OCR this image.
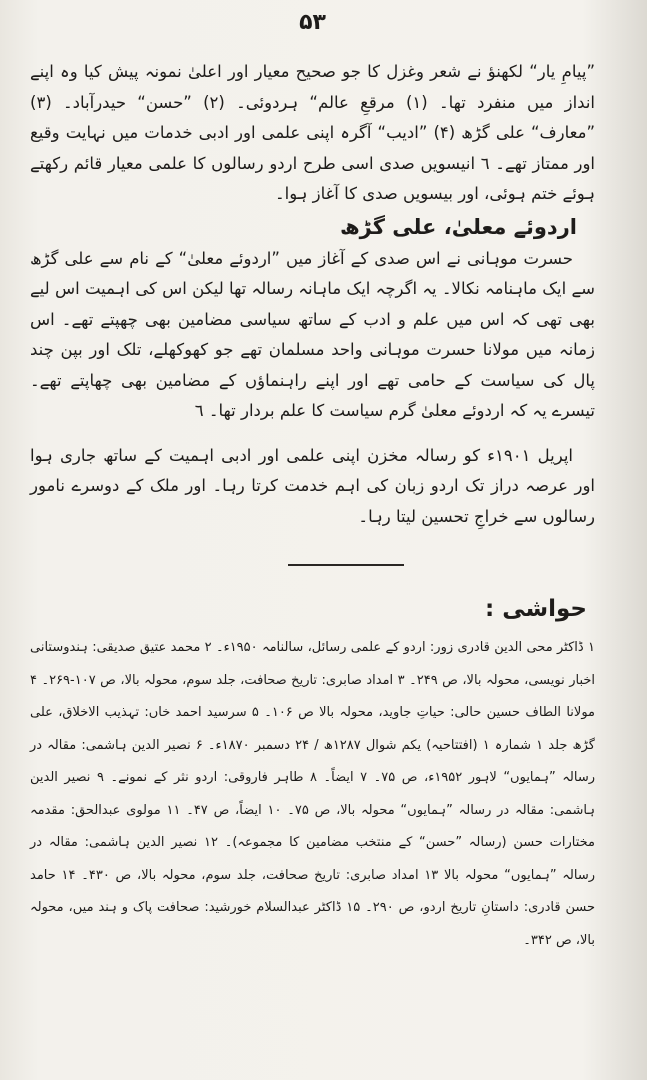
۵۳

”پیامِ یار“ لکھنؤ نے شعر وغزل کا جو صحیح معیار اور اعلیٰ نمونہ پیش کیا وہ اپنے انداز میں منفرد تھا۔ (۱) مرقعِ عالم“ ہردوئی۔ (۲) ”حسن“ حیدرآباد۔ (۳) ”معارف“ علی گڑھ (۴) ”ادیب“ آگرہ اپنی علمی اور ادبی خدمات میں نہایت وقیع اور ممتاز تھے۔ ٦ انیسویں صدی اسی طرح اردو رسالوں کا علمی معیار قائم رکھتے ہوئے ختم ہوئی، اور بیسویں صدی کا آغاز ہوا۔

اردوئے معلیٰ، علی گڑھ

حسرت موہانی نے اس صدی کے آغاز میں ”اردوئے معلیٰ“ کے نام سے علی گڑھ سے ایک ماہنامہ نکالا۔ یہ اگرچہ ایک ماہانہ رسالہ تھا لیکن اس کی اہمیت اس لیے بھی تھی کہ اس میں علم و ادب کے ساتھ سیاسی مضامین بھی چھپتے تھے۔ اس زمانہ میں مولانا حسرت موہانی واحد مسلمان تھے جو کھوکھلے، تلک اور بپن چند پال کی سیاست کے حامی تھے اور اپنے راہنماؤں کے مضامین بھی چھاپتے تھے۔ تیسرے یہ کہ اردوئے معلیٰ گرم سیاست کا علم بردار تھا۔ ٦

اپریل ۱۹۰۱ء کو رسالہ مخزن اپنی علمی اور ادبی اہمیت کے ساتھ جاری ہوا اور عرصہ دراز تک اردو زبان کی اہم خدمت کرتا رہا۔ اور ملک کے دوسرے نامور رسالوں سے خراجِ تحسین لیتا رہا۔

حواشی :

۱ ڈاکٹر محی الدین قادری زور: اردو کے علمی رسائل، سالنامہ ۱۹۵۰ء۔ ۲ محمد عتیق صدیقی: ہندوستانی اخبار نویسی، محولہ بالا، ص ۲۴۹۔ ۳ امداد صابری: تاریخ صحافت، جلد سوم، محولہ بالا، ص ۱۰۷-۲۶۹۔ ۴ مولانا الطاف حسین حالی: حیاتِ جاوید، محولہ بالا ص ۱۰۶۔ ۵ سرسید احمد خاں: تہذیب الاخلاق، علی گڑھ جلد ۱ شمارہ ۱ (افتتاحیہ) یکم شوال ۱۲۸۷ھ / ۲۴ دسمبر ۱۸۷۰ء۔ ۶ نصیر الدین ہاشمی: مقالہ در رسالہ ”ہمایوں“ لاہور ۱۹۵۲ء، ص ۷۵۔ ۷ ایضاً۔ ۸ طاہر فاروقی: اردو نثر کے نمونے۔ ۹ نصیر الدین ہاشمی: مقالہ در رسالہ ”ہمایوں“ محولہ بالا، ص ۷۵۔ ۱۰ ایضاً، ص ۴۷۔ ۱۱ مولوی عبدالحق: مقدمہ مختارات حسن (رسالہ ”حسن“ کے منتخب مضامین کا مجموعہ)۔ ۱۲ نصیر الدین ہاشمی: مقالہ در رسالہ ”ہمایوں“ محولہ بالا ۱۳ امداد صابری: تاریخ صحافت، جلد سوم، محولہ بالا، ص ۴۳۰۔ ۱۴ حامد حسن قادری: داستانِ تاریخ اردو، ص ۲۹۰۔ ۱۵ ڈاکٹر عبدالسلام خورشید: صحافت پاک و ہند میں، محولہ بالا، ص ۳۴۲۔
